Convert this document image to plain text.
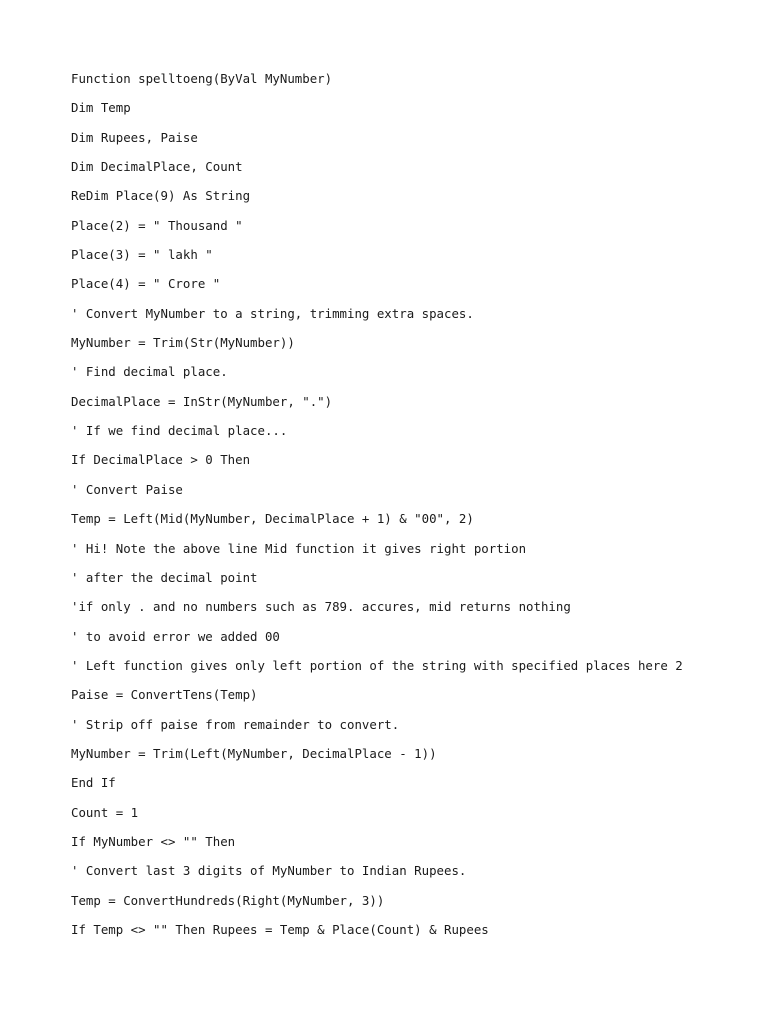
Function spelltoeng(ByVal MyNumber)
Dim Temp
Dim Rupees, Paise
Dim DecimalPlace, Count
ReDim Place(9) As String
Place(2) = " Thousand "
Place(3) = " lakh "
Place(4) = " Crore "
' Convert MyNumber to a string, trimming extra spaces.
MyNumber = Trim(Str(MyNumber))
' Find decimal place.
DecimalPlace = InStr(MyNumber, ".")
' If we find decimal place...
If DecimalPlace > 0 Then
' Convert Paise
Temp = Left(Mid(MyNumber, DecimalPlace + 1) & "00", 2)
' Hi! Note the above line Mid function it gives right portion
' after the decimal point
'if only . and no numbers such as 789. accures, mid returns nothing
' to avoid error we added 00
' Left function gives only left portion of the string with specified places here 2
Paise = ConvertTens(Temp)
' Strip off paise from remainder to convert.
MyNumber = Trim(Left(MyNumber, DecimalPlace - 1))
End If
Count = 1
If MyNumber <> "" Then
' Convert last 3 digits of MyNumber to Indian Rupees.
Temp = ConvertHundreds(Right(MyNumber, 3))
If Temp <> "" Then Rupees = Temp & Place(Count) & Rupees
